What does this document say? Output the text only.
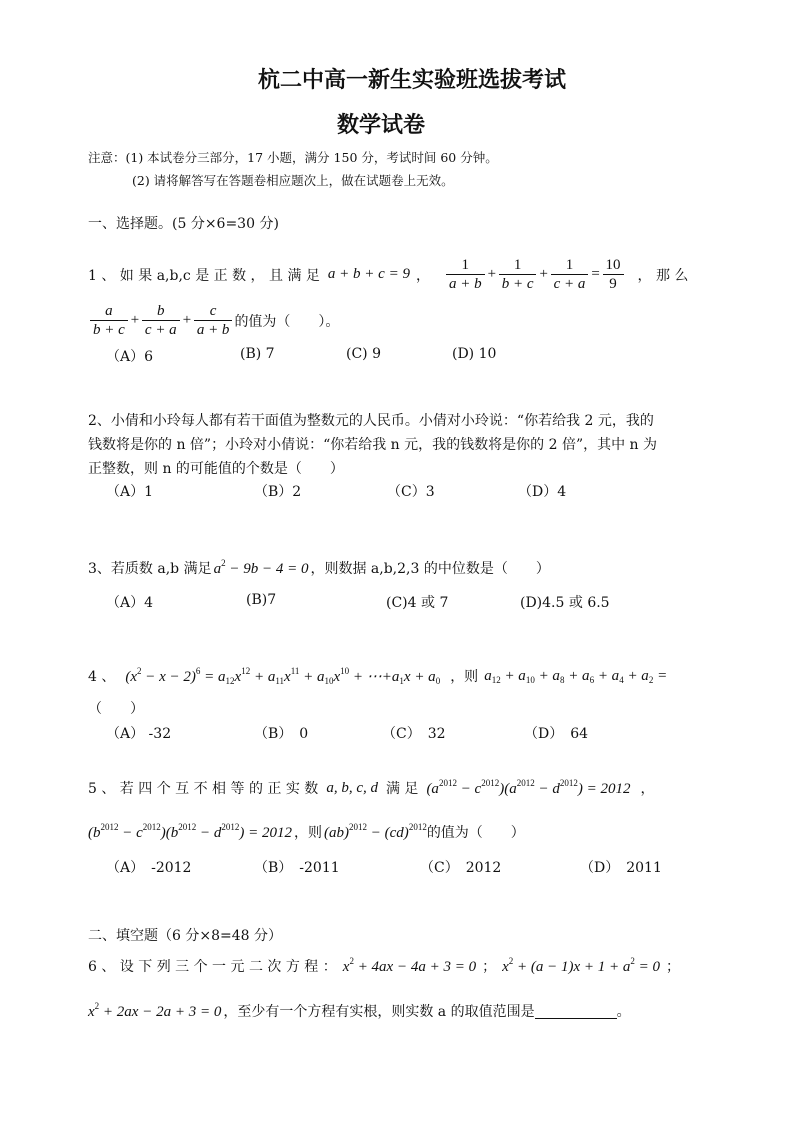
杭二中高一新生实验班选拔考试
数学试卷
注意：(1) 本试卷分三部分，17 小题，满分 150 分，考试时间 60 分钟。
(2) 请将解答写在答题卷相应题次上，做在试题卷上无效。
一、选择题。(5 分×6=30 分)
1 、 如 果 a,b,c 是 正 数 ， 且 满 足 a + b + c = 9 ， $\frac{1}{a + b} + \frac{1}{b + c} + \frac{1}{c + a} = \frac{10}{9}$ ， 那 么
$\frac{a}{b + c} + \frac{b}{c + a} + \frac{c}{a + b}$ 的值为（　　）。
（A）6	(B) 7	(C) 9	(D) 10
2、小倩和小玲每人都有若干面值为整数元的人民币。小倩对小玲说：“你若给我 2 元，我的
钱数将是你的 n 倍”；小玲对小倩说：“你若给我 n 元，我的钱数将是你的 2 倍”，其中 n 为
正整数，则 n 的可能值的个数是（　　）
（A）1	（B）2	（C）3	（D）4
3、若质数 a,b 满足 $a^2 - 9b - 4 = 0$ ，则数据 a,b,2,3 的中位数是（　　）
（A）4	(B)7	(C)4 或 7	(D)4.5 或 6.5
4 、 $(x^2 - x - 2)^6 = a_{12}x^{12} + a_{11}x^{11} + a_{10}x^{10}$ + $\cdots+a_1x + a_0$ ，则 $a_{12} + a_{10} + a_8 + a_6 + a_4 + a_2$ =
（　　）
（A） -32	（B）　0	（C）　32	（D）　64
5 、 若 四 个 互 不 相 等 的 正 实 数 a, b, c, d 满 足 $(a^{2012} - c^{2012})(a^{2012} - d^{2012}) = 2012$ ，
$(b^{2012} - c^{2012})(b^{2012} - d^{2012}) = 2012$ ，则 (ab)$^{2012}$ − (cd)$^{2012}$ 的值为（　　）
（A）　-2012	（B）　-2011	（C）　2012	（D）　2011
二、填空题（6 分×8=48 分）
6 、 设 下 列 三 个 一 元 二 次 方 程 ： $x^2 + 4ax - 4a + 3 = 0$ ； $x^2 + (a - 1)x + 1 + a^2 = 0$ ；
$x^2 + 2ax - 2a + 3 = 0$ ，至少有一个方程有实根，则实数 a 的取值范围是	。
